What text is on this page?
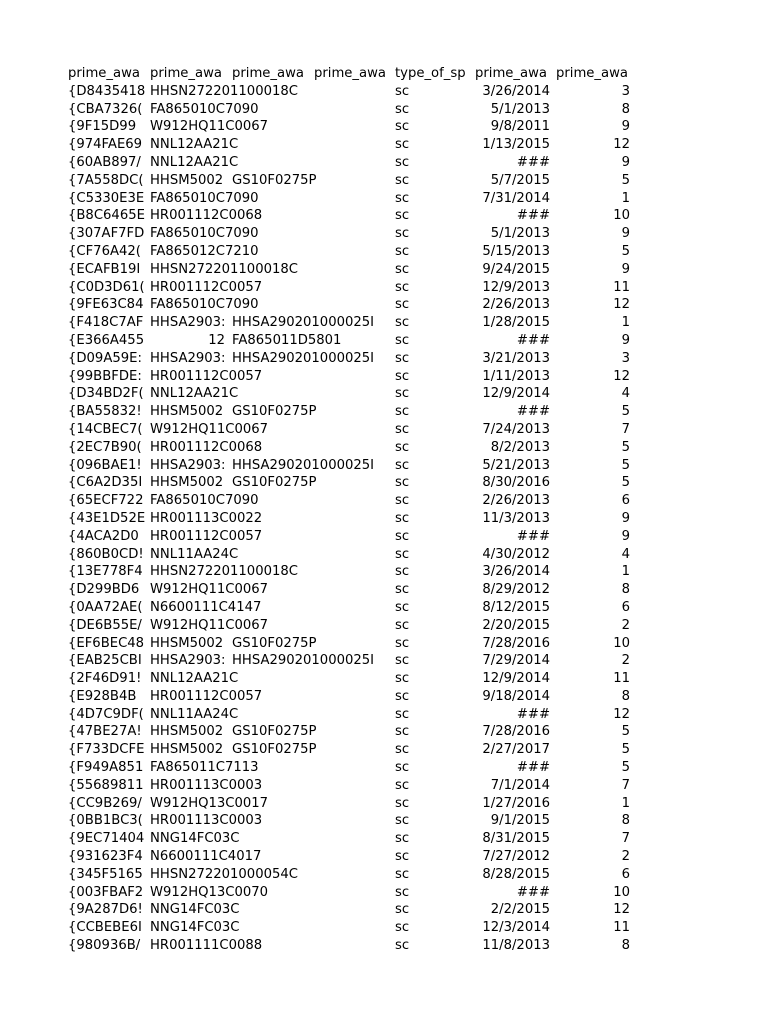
prime_awa prime_awa prime_awa prime_awa type_of_sp prime_awa prime_awa
{D8435418 HHSN272201100018C	sc	3/26/2014	3
{CBA7326( FA865010C7090	sc	5/1/2013	8
{9F15D99	W912HQ11C0067	sc	9/8/2011	9
{974FAE69 NNL12AA21C	sc	1/13/2015	12
{60AB897/ NNL12AA21C	sc	###	9
{7A558DC( HHSM5002 GS10F0275P	sc	5/7/2015	5
{C5330E3E FA865010C7090	sc	7/31/2014	1
{B8C6465E HR001112C0068	sc	###	10
{307AF7FD FA865010C7090	sc	5/1/2013	9
{CF76A42( FA865012C7210	sc	5/15/2013	5
{ECAFB19I HHSN272201100018C	sc	9/24/2015	9
{C0D3D61( HR001112C0057	sc	12/9/2013	11
{9FE63C84 FA865010C7090	sc	2/26/2013	12
{F418C7AF HHSA2903: HHSA290201000025I	sc	1/28/2015	1
{E366A455	12 FA865011D5801	sc	###	9
{D09A59E: HHSA2903: HHSA290201000025I	sc	3/21/2013	3
{99BBFDE: HR001112C0057	sc	1/11/2013	12
{D34BD2F( NNL12AA21C	sc	12/9/2014	4
{BA55832! HHSM5002 GS10F0275P	sc	###	5
{14CBEC7( W912HQ11C0067	sc	7/24/2013	7
{2EC7B90( HR001112C0068	sc	8/2/2013	5
{096BAE1! HHSA2903: HHSA290201000025I	sc	5/21/2013	5
{C6A2D35I HHSM5002 GS10F0275P	sc	8/30/2016	5
{65ECF722 FA865010C7090	sc	2/26/2013	6
{43E1D52E HR001113C0022	sc	11/3/2013	9
{4ACA2D0 HR001112C0057	sc	###	9
{860B0CD! NNL11AA24C	sc	4/30/2012	4
{13E778F4 HHSN272201100018C	sc	3/26/2014	1
{D299BD6 W912HQ11C0067	sc	8/29/2012	8
{0AA72AE( N6600111C4147	sc	8/12/2015	6
{DE6B55E/ W912HQ11C0067	sc	2/20/2015	2
{EF6BEC48 HHSM5002 GS10F0275P	sc	7/28/2016	10
{EAB25CBI HHSA2903: HHSA290201000025I	sc	7/29/2014	2
{2F46D91! NNL12AA21C	sc	12/9/2014	11
{E928B4B	HR001112C0057	sc	9/18/2014	8
{4D7C9DF( NNL11AA24C	sc	###	12
{47BE27A! HHSM5002 GS10F0275P	sc	7/28/2016	5
{F733DCFE HHSM5002 GS10F0275P	sc	2/27/2017	5
{F949A851 FA865011C7113	sc	###	5
{55689811 HR001113C0003	sc	7/1/2014	7
{CC9B269/ W912HQ13C0017	sc	1/27/2016	1
{0BB1BC3( HR001113C0003	sc	9/1/2015	8
{9EC71404 NNG14FC03C	sc	8/31/2015	7
{931623F4 N6600111C4017	sc	7/27/2012	2
{345F5165 HHSN272201000054C	sc	8/28/2015	6
{003FBAF2 W912HQ13C0070	sc	###	10
{9A287D6! NNG14FC03C	sc	2/2/2015	12
{CCBEBE6I NNG14FC03C	sc	12/3/2014	11
{980936B/ HR001111C0088	sc	11/8/2013	8
